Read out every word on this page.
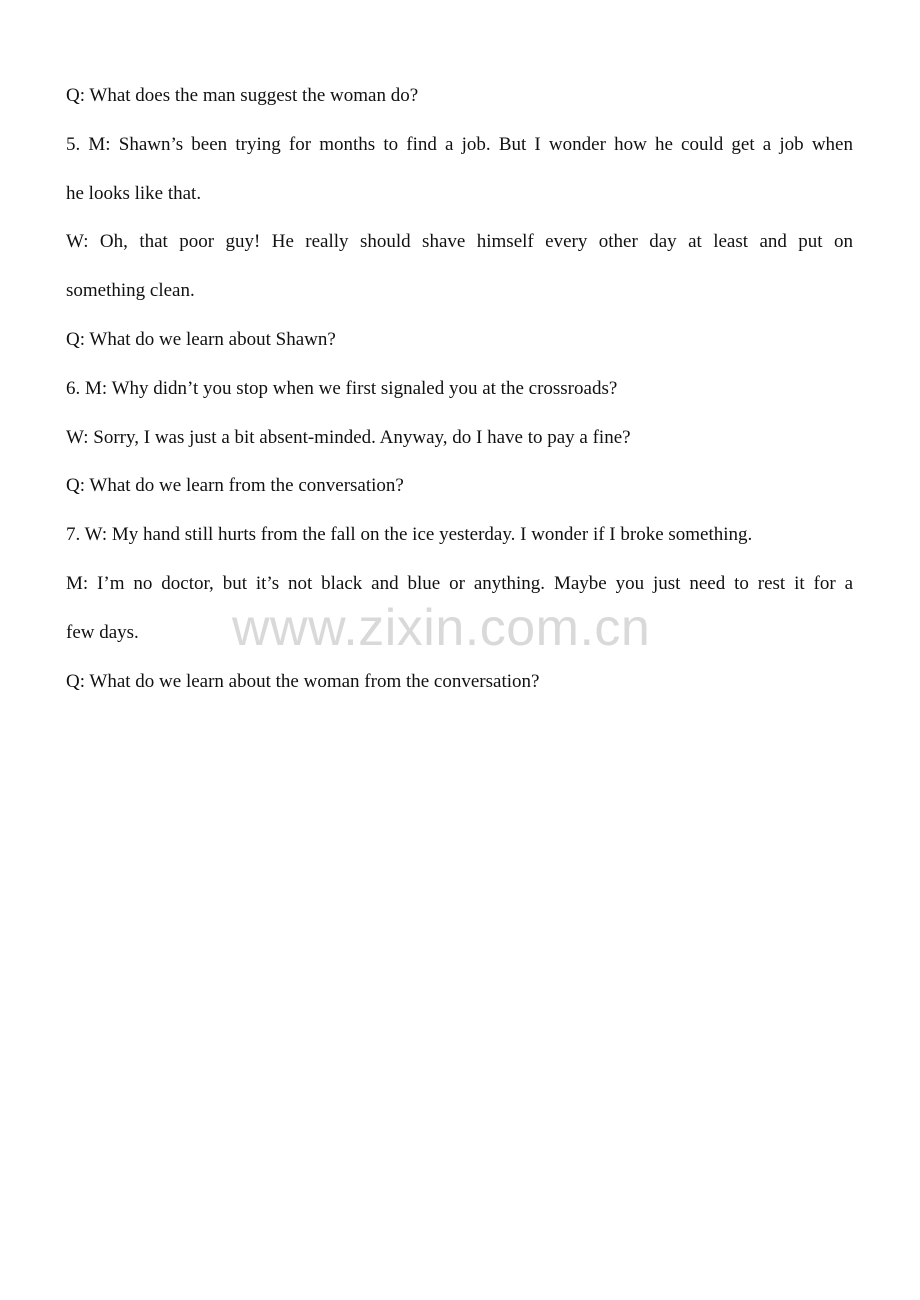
Q: What does the man suggest the woman do?
5. M: Shawn’s been trying for months to find a job. But I wonder how he could get a job when
he looks like that.
W: Oh, that poor guy! He really should shave himself every other day at least and put on
something clean.
Q: What do we learn about Shawn?
6. M: Why didn’t you stop when we first signaled you at the crossroads?
W: Sorry, I was just a bit absent-minded. Anyway, do I have to pay a fine?
Q: What do we learn from the conversation?
7. W: My hand still hurts from the fall on the ice yesterday. I wonder if I broke something.
M: I’m no doctor, but it’s not black and blue or anything. Maybe you just need to rest it for a
few days.
Q: What do we learn about the woman from the conversation?
www.zixin.com.cn
